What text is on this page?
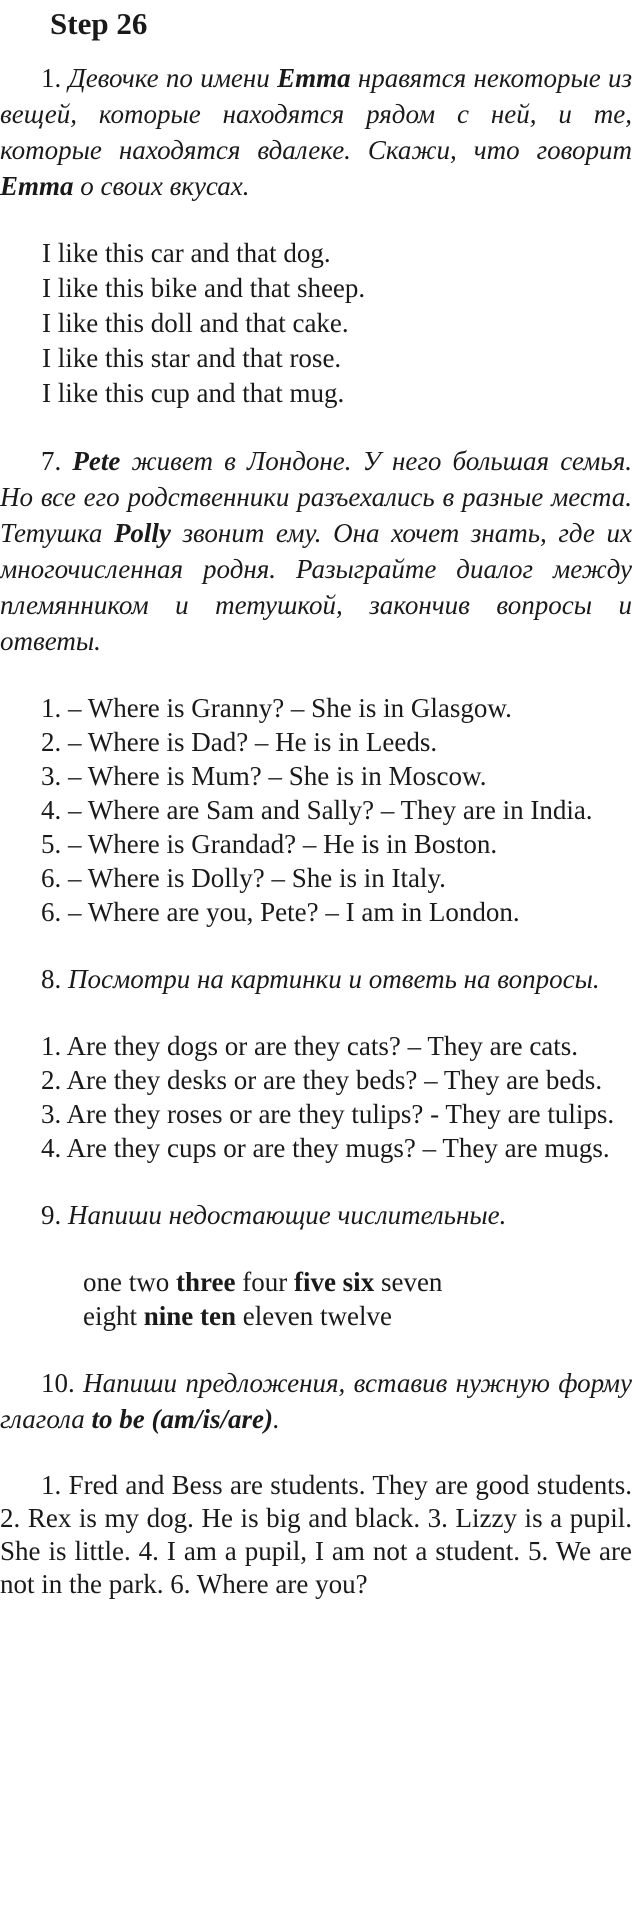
Step 26

1. Девочке по имени Emma нравятся некоторые из вещей, которые находятся рядом с ней, и те, которые находятся вдалеке. Скажи, что говорит Emma о своих вкусах.

I like this car and that dog.
I like this bike and that sheep.
I like this doll and that cake.
I like this star and that rose.
I like this cup and that mug.

7. Pete живет в Лондоне. У него большая семья. Но все его родственники разъехались в разные места. Тетушка Polly звонит ему. Она хочет знать, где их многочисленная родня. Разыграйте диалог между племянником и тетушкой, закончив вопросы и ответы.

1. – Where is Granny? – She is in Glasgow.
2. – Where is Dad? – He is in Leeds.
3. – Where is Mum? – She is in Moscow.
4. – Where are Sam and Sally? – They are in India.
5. – Where is Grandad? – He is in Boston.
6. – Where is Dolly? – She is in Italy.
6. – Where are you, Pete? – I am in London.

8. Посмотри на картинки и ответь на вопросы.

1. Are they dogs or are they cats? – They are cats.
2. Are they desks or are they beds? – They are beds.
3. Are they roses or are they tulips? - They are tulips.
4. Are they cups or are they mugs? – They are mugs.

9. Напиши недостающие числительные.

one two three four five six seven
eight nine ten eleven twelve

10. Напиши предложения, вставив нужную форму глагола to be (am/is/are).

1. Fred and Bess are students. They are good students. 2. Rex is my dog. He is big and black. 3. Lizzy is a pupil. She is little. 4. I am a pupil, I am not a student. 5. We are not in the park. 6. Where are you?
